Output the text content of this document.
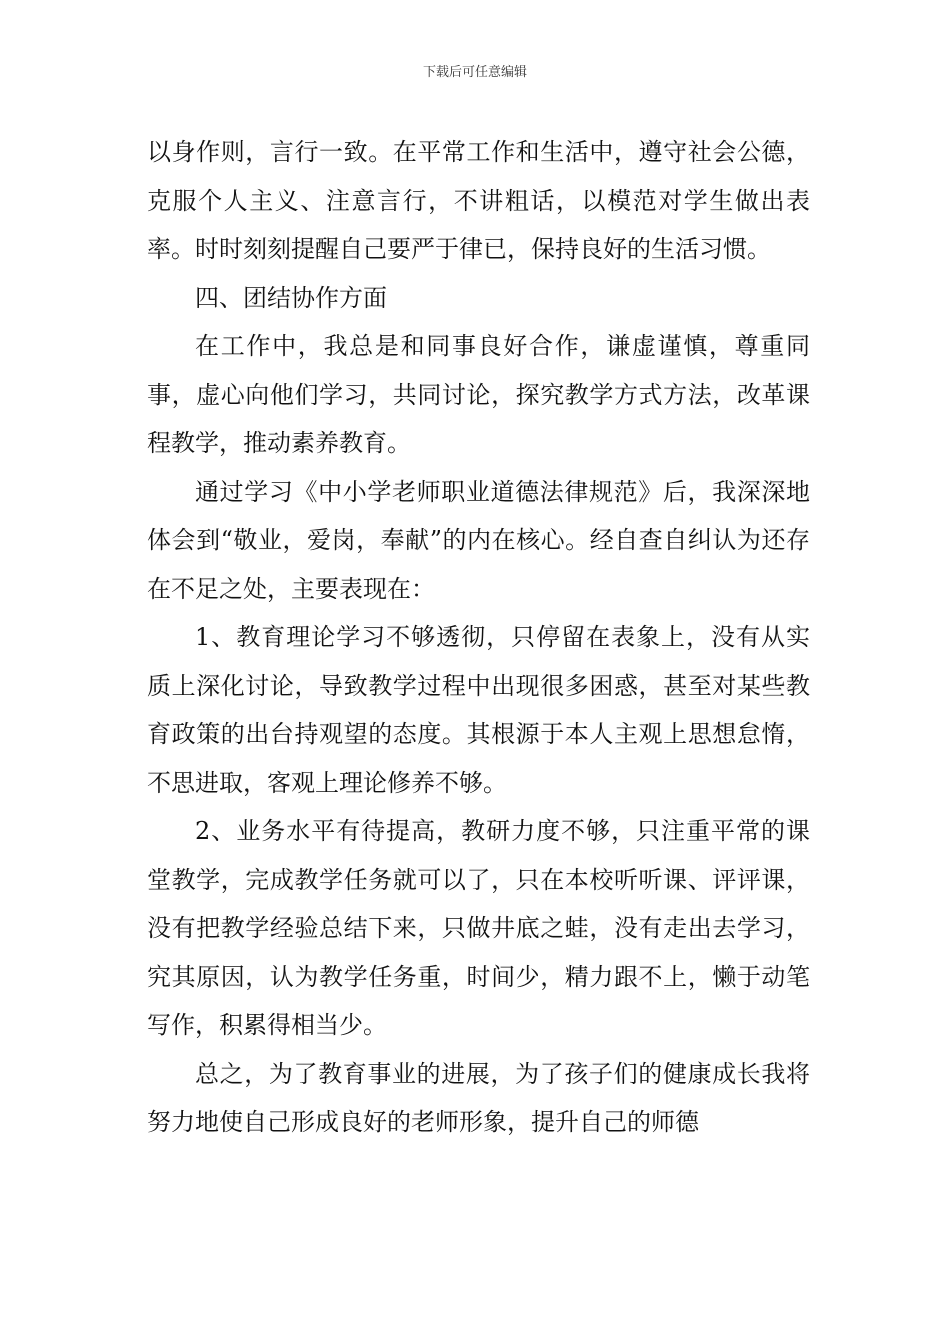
下载后可任意编辑

以身作则，言行一致。在平常工作和生活中，遵守社会公德，克服个人主义、注意言行，不讲粗话，以模范对学生做出表率。时时刻刻提醒自己要严于律已，保持良好的生活习惯。

四、团结协作方面

在工作中，我总是和同事良好合作，谦虚谨慎，尊重同事，虚心向他们学习，共同讨论，探究教学方式方法，改革课程教学，推动素养教育。

通过学习《中小学老师职业道德法律规范》后，我深深地体会到“敬业，爱岗，奉献”的内在核心。经自查自纠认为还存在不足之处，主要表现在：

1、教育理论学习不够透彻，只停留在表象上，没有从实质上深化讨论，导致教学过程中出现很多困惑，甚至对某些教育政策的出台持观望的态度。其根源于本人主观上思想怠惰，不思进取，客观上理论修养不够。

2、业务水平有待提高，教研力度不够，只注重平常的课堂教学，完成教学任务就可以了，只在本校听听课、评评课，没有把教学经验总结下来，只做井底之蛙，没有走出去学习，究其原因，认为教学任务重，时间少，精力跟不上，懒于动笔写作，积累得相当少。

总之，为了教育事业的进展，为了孩子们的健康成长我将努力地使自己形成良好的老师形象，提升自己的师德
